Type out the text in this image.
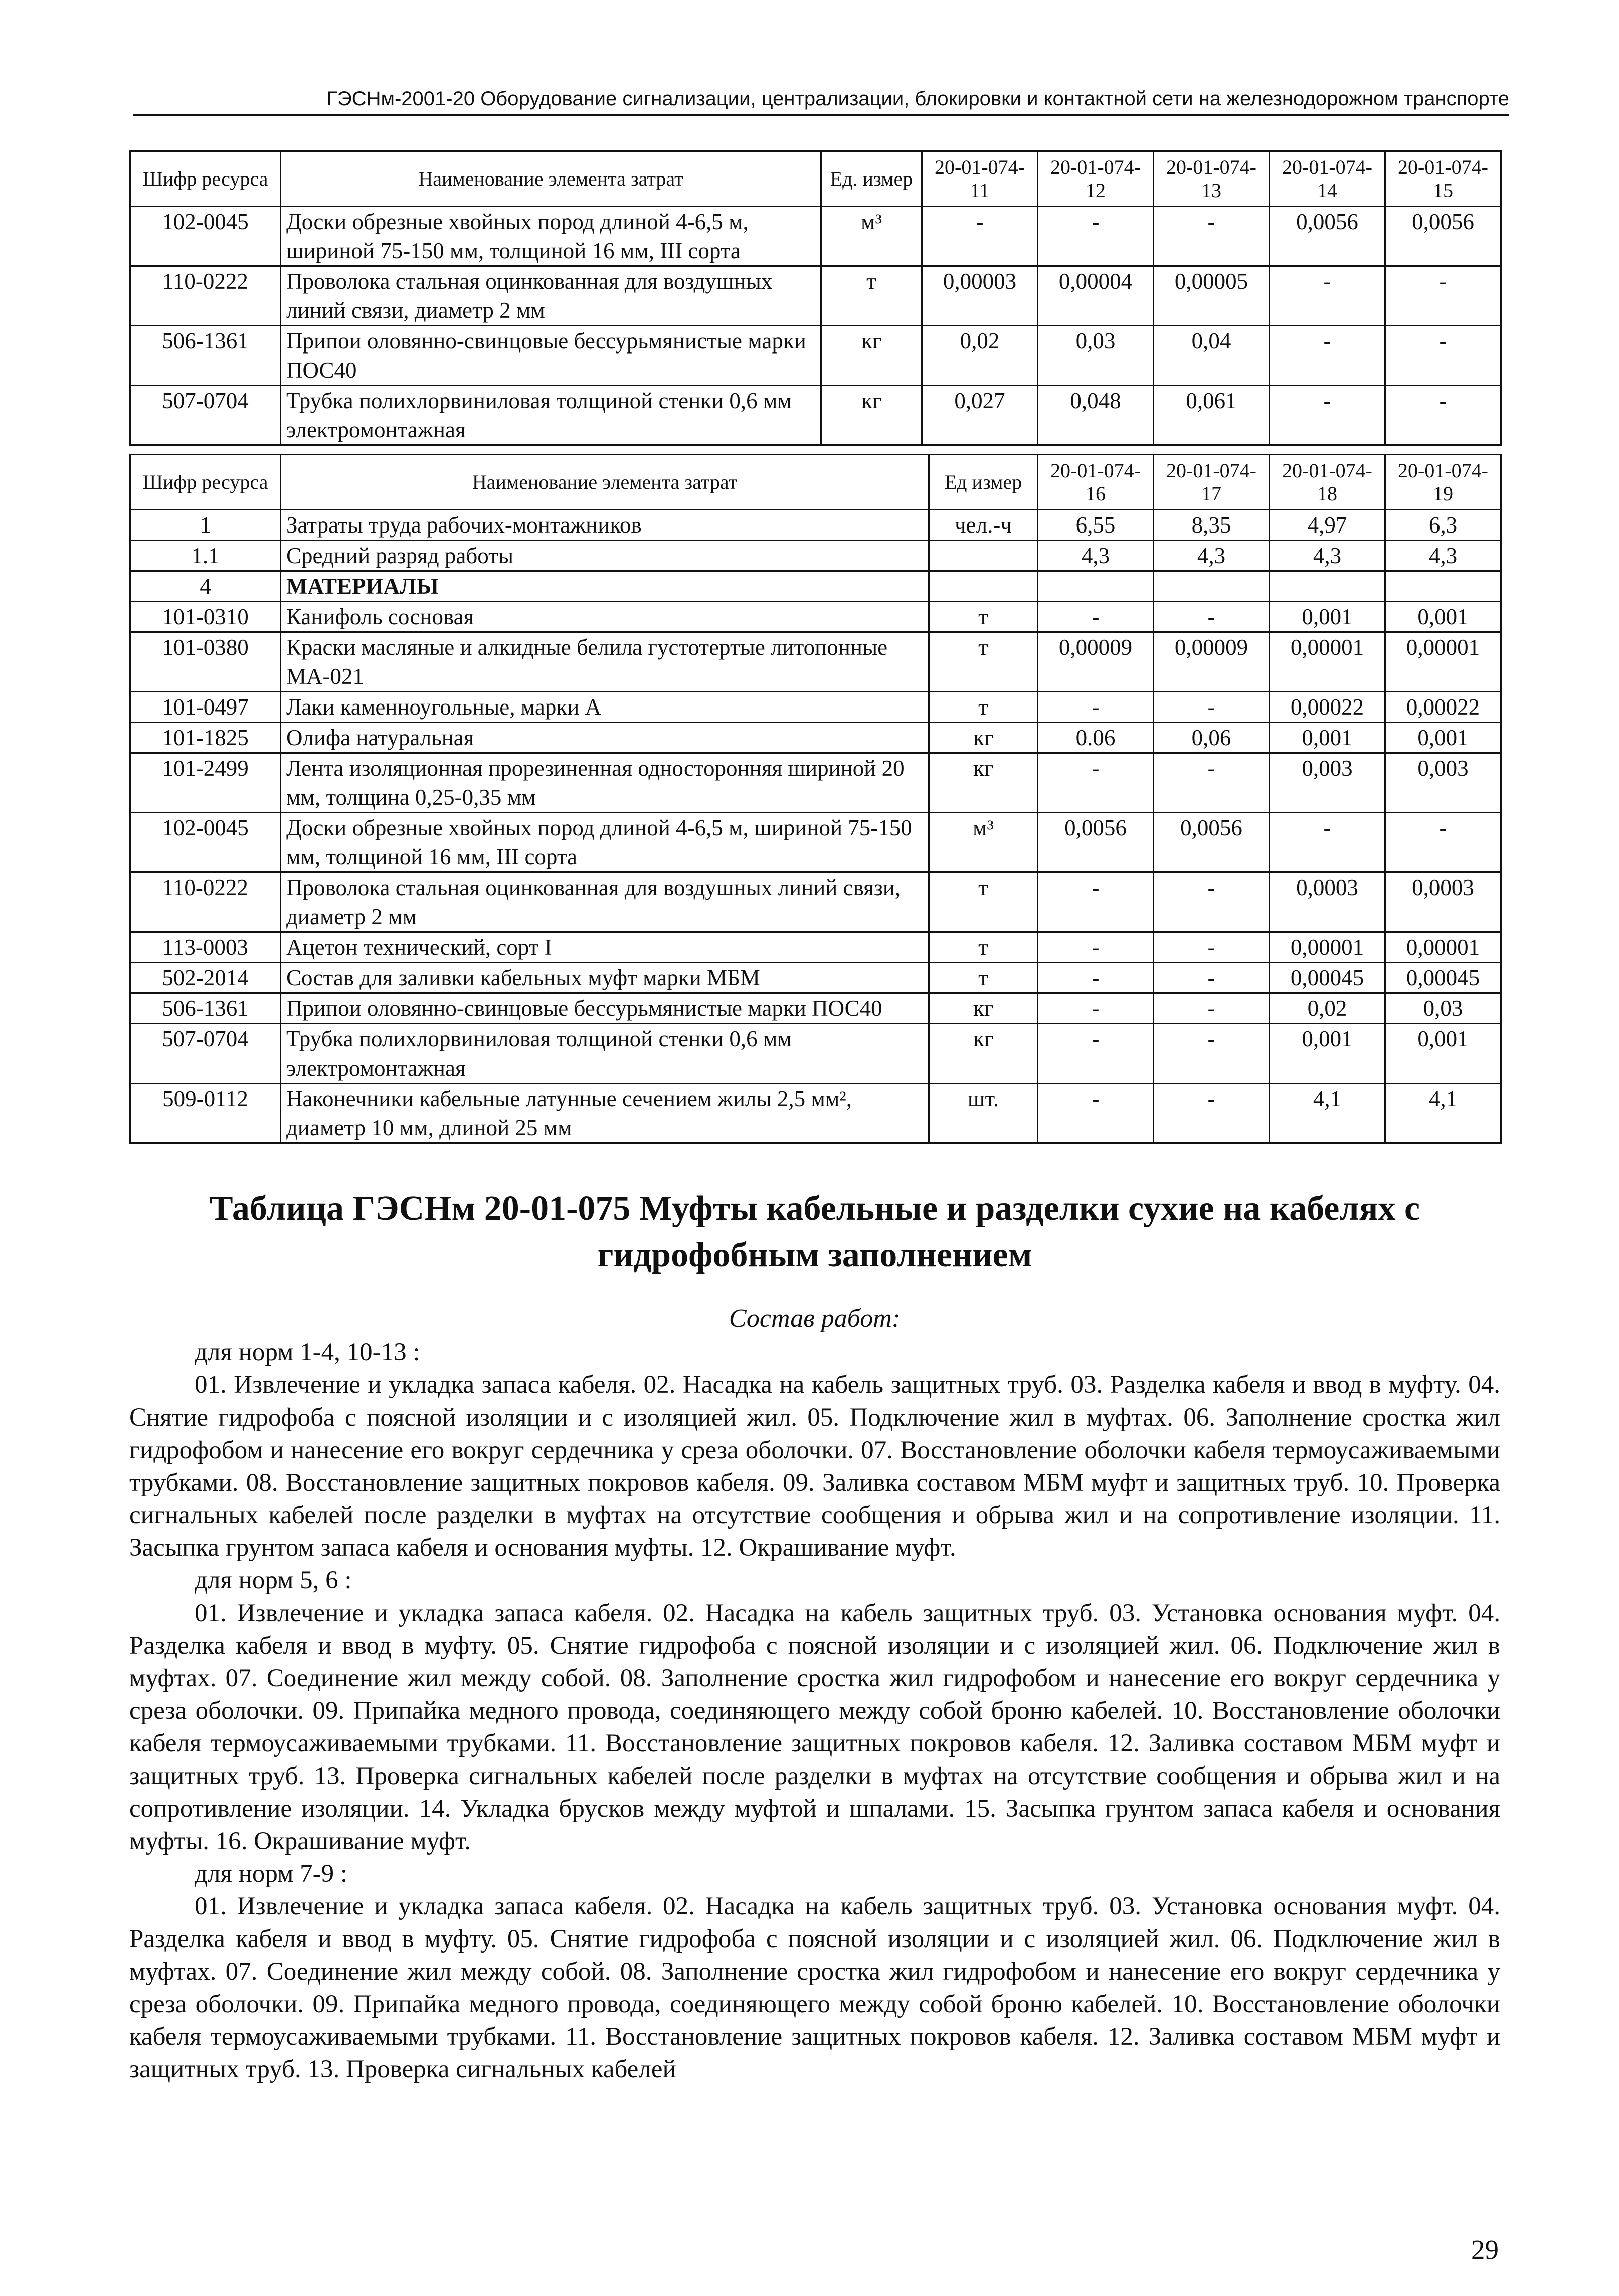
ГЭСНм-2001-20 Оборудование сигнализации, централизации, блокировки и контактной сети на железнодорожном транспорте
Шифр ресурса	Наименование элемента затрат	Ед. измер	20-01-074-11	20-01-074-12	20-01-074-13	20-01-074-14	20-01-074-15
102-0045	Доски обрезные хвойных пород длиной 4-6,5 м, шириной 75-150 мм, толщиной 16 мм, III сорта	м³	-	-	-	0,0056	0,0056
110-0222	Проволока стальная оцинкованная для воздушных линий связи, диаметр 2 мм	т	0,00003	0,00004	0,00005	-	-
506-1361	Припои оловянно-свинцовые бессурьмянистые марки ПОС40	кг	0,02	0,03	0,04	-	-
507-0704	Трубка полихлорвиниловая толщиной стенки 0,6 мм электромонтажная	кг	0,027	0,048	0,061	-	-
Шифр ресурса	Наименование элемента затрат	Ед измер	20-01-074-16	20-01-074-17	20-01-074-18	20-01-074-19
1	Затраты труда рабочих-монтажников	чел.-ч	6,55	8,35	4,97	6,3
1.1	Средний разряд работы		4,3	4,3	4,3	4,3
4	МАТЕРИАЛЫ					
101-0310	Канифоль сосновая	т	-	-	0,001	0,001
101-0380	Краски масляные и алкидные белила густотертые литопонные МА-021	т	0,00009	0,00009	0,00001	0,00001
101-0497	Лаки каменноугольные, марки А	т	-	-	0,00022	0,00022
101-1825	Олифа натуральная	кг	0.06	0,06	0,001	0,001
101-2499	Лента изоляционная прорезиненная односторонняя шириной 20 мм, толщина 0,25-0,35 мм	кг	-	-	0,003	0,003
102-0045	Доски обрезные хвойных пород длиной 4-6,5 м, шириной 75-150 мм, толщиной 16 мм, III сорта	м³	0,0056	0,0056	-	-
110-0222	Проволока стальная оцинкованная для воздушных линий связи, диаметр 2 мм	т	-	-	0,0003	0,0003
113-0003	Ацетон технический, сорт I	т	-	-	0,00001	0,00001
502-2014	Состав для заливки кабельных муфт марки МБМ	т	-	-	0,00045	0,00045
506-1361	Припои оловянно-свинцовые бессурьмянистые марки ПОС40	кг	-	-	0,02	0,03
507-0704	Трубка полихлорвиниловая толщиной стенки 0,6 мм электромонтажная	кг	-	-	0,001	0,001
509-0112	Наконечники кабельные латунные сечением жилы 2,5 мм², диаметр 10 мм, длиной 25 мм	шт.	-	-	4,1	4,1
Таблица ГЭСНм 20-01-075 Муфты кабельные и разделки сухие на кабелях с гидрофобным заполнением
Состав работ:

для норм 1-4, 10-13 :

01. Извлечение и укладка запаса кабеля. 02. Насадка на кабель защитных труб. 03. Разделка кабеля и ввод в муфту. 04. Снятие гидрофоба с поясной изоляции и с изоляцией жил. 05. Подключение жил в муфтах. 06. Заполнение сростка жил гидрофобом и нанесение его вокруг сердечника у среза оболочки. 07. Восстановление оболочки кабеля термоусаживаемыми трубками. 08. Восстановление защитных покровов кабеля. 09. Заливка составом МБМ муфт и защитных труб. 10. Проверка сигнальных кабелей после разделки в муфтах на отсутствие сообщения и обрыва жил и на сопротивление изоляции. 11. Засыпка грунтом запаса кабеля и основания муфты. 12. Окрашивание муфт.

для норм 5, 6 :

01. Извлечение и укладка запаса кабеля. 02. Насадка на кабель защитных труб. 03. Установка основания муфт. 04. Разделка кабеля и ввод в муфту. 05. Снятие гидрофоба с поясной изоляции и с изоляцией жил. 06. Подключение жил в муфтах. 07. Соединение жил между собой. 08. Заполнение сростка жил гидрофобом и нанесение его вокруг сердечника у среза оболочки. 09. Припайка медного провода, соединяющего между собой броню кабелей. 10. Восстановление оболочки кабеля термоусаживаемыми трубками. 11. Восстановление защитных покровов кабеля. 12. Заливка составом МБМ муфт и защитных труб. 13. Проверка сигнальных кабелей после разделки в муфтах на отсутствие сообщения и обрыва жил и на сопротивление изоляции. 14. Укладка брусков между муфтой и шпалами. 15. Засыпка грунтом запаса кабеля и основания муфты. 16. Окрашивание муфт.

для норм 7-9 :

01. Извлечение и укладка запаса кабеля. 02. Насадка на кабель защитных труб. 03. Установка основания муфт. 04. Разделка кабеля и ввод в муфту. 05. Снятие гидрофоба с поясной изоляции и с изоляцией жил. 06. Подключение жил в муфтах. 07. Соединение жил между собой. 08. Заполнение сростка жил гидрофобом и нанесение его вокруг сердечника у среза оболочки. 09. Припайка медного провода, соединяющего между собой броню кабелей. 10. Восстановление оболочки кабеля термоусаживаемыми трубками. 11. Восстановление защитных покровов кабеля. 12. Заливка составом МБМ муфт и защитных труб. 13. Проверка сигнальных кабелей

29
